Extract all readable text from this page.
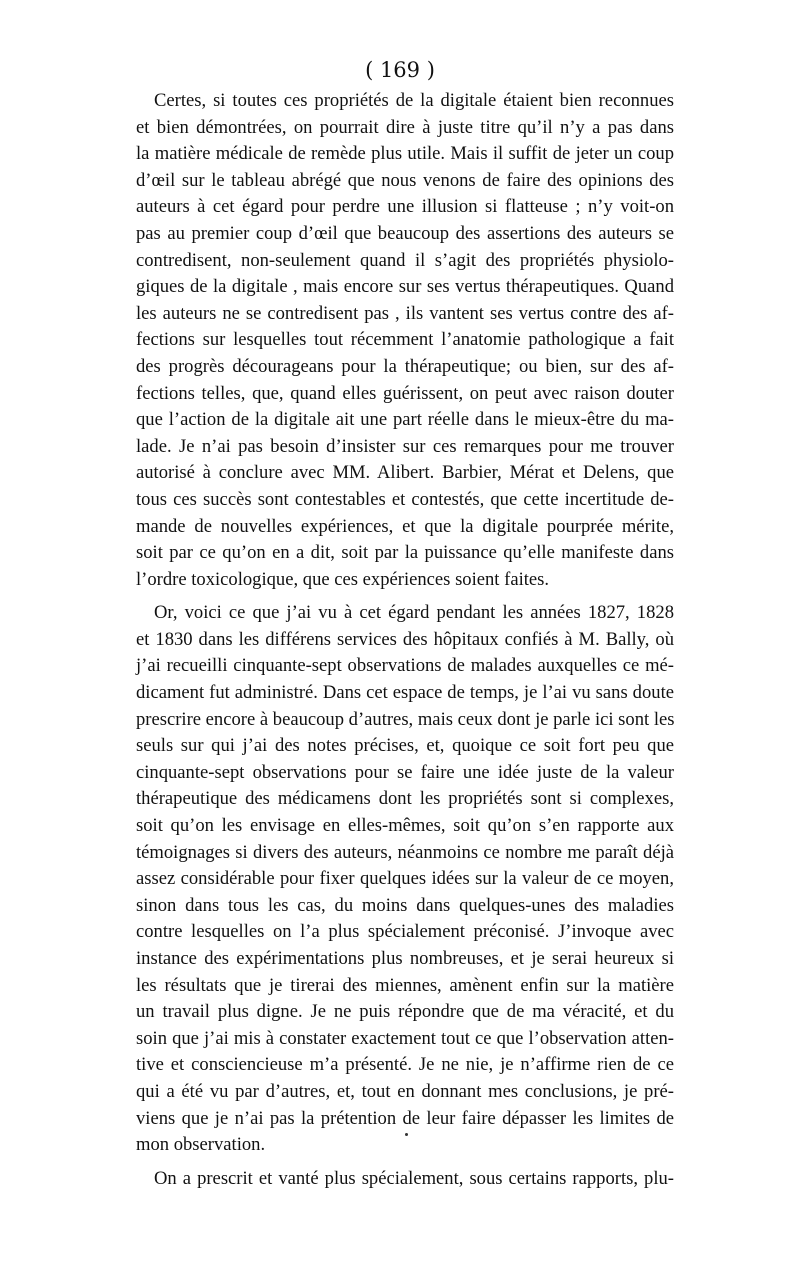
( 169 )
Certes, si toutes ces propriétés de la digitale étaient bien reconnues
et bien démontrées, on pourrait dire à juste titre qu’il n’y a pas dans
la matière médicale de remède plus utile. Mais il suffit de jeter un coup
d’œil sur le tableau abrégé que nous venons de faire des opinions des
auteurs à cet égard pour perdre une illusion si flatteuse ; n’y voit-on
pas au premier coup d’œil que beaucoup des assertions des auteurs se
contredisent, non-seulement quand il s’agit des propriétés physiolo-
giques de la digitale , mais encore sur ses vertus thérapeutiques. Quand
les auteurs ne se contredisent pas , ils vantent ses vertus contre des af-
fections sur lesquelles tout récemment l’anatomie pathologique a fait
des progrès décourageans pour la thérapeutique; ou bien, sur des af-
fections telles, que, quand elles guérissent, on peut avec raison douter
que l’action de la digitale ait une part réelle dans le mieux-être du ma-
lade. Je n’ai pas besoin d’insister sur ces remarques pour me trouver
autorisé à conclure avec MM. Alibert. Barbier, Mérat et Delens, que
tous ces succès sont contestables et contestés, que cette incertitude de-
mande de nouvelles expériences, et que la digitale pourprée mérite,
soit par ce qu’on en a dit, soit par la puissance qu’elle manifeste dans
l’ordre toxicologique, que ces expériences soient faites.
Or, voici ce que j’ai vu à cet égard pendant les années 1827, 1828
et 1830 dans les différens services des hôpitaux confiés à M. Bally, où
j’ai recueilli cinquante-sept observations de malades auxquelles ce mé-
dicament fut administré. Dans cet espace de temps, je l’ai vu sans doute
prescrire encore à beaucoup d’autres, mais ceux dont je parle ici sont les
seuls sur qui j’ai des notes précises, et, quoique ce soit fort peu que
cinquante-sept observations pour se faire une idée juste de la valeur
thérapeutique des médicamens dont les propriétés sont si complexes,
soit qu’on les envisage en elles-mêmes, soit qu’on s’en rapporte aux
témoignages si divers des auteurs, néanmoins ce nombre me paraît déjà
assez considérable pour fixer quelques idées sur la valeur de ce moyen,
sinon dans tous les cas, du moins dans quelques-unes des maladies
contre lesquelles on l’a plus spécialement préconisé. J’invoque avec
instance des expérimentations plus nombreuses, et je serai heureux si
les résultats que je tirerai des miennes, amènent enfin sur la matière
un travail plus digne. Je ne puis répondre que de ma véracité, et du
soin que j’ai mis à constater exactement tout ce que l’observation atten-
tive et consciencieuse m’a présenté. Je ne nie, je n’affirme rien de ce
qui a été vu par d’autres, et, tout en donnant mes conclusions, je pré-
viens que je n’ai pas la prétention de leur faire dépasser les limites de
mon observation.
On a prescrit et vanté plus spécialement, sous certains rapports, plu-
